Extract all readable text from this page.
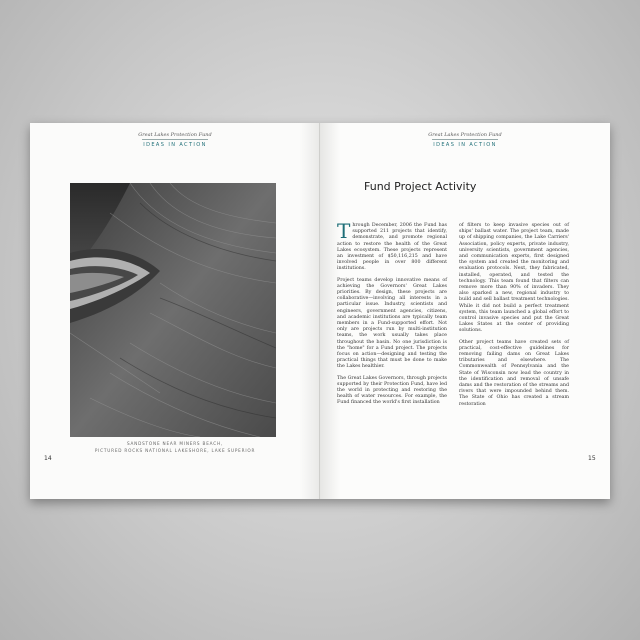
Great Lakes Protection Fund
IDEAS IN ACTION
SANDSTONE NEAR MINERS BEACH,
PICTURED ROCKS NATIONAL LAKESHORE, LAKE SUPERIOR
14
Great Lakes Protection Fund
IDEAS IN ACTION
Fund Project Activity

Through December, 2006 the Fund has supported 211 projects that identify, demonstrate, and promote regional action to restore the health of the Great Lakes ecosystem. These projects represent an investment of $50,116,215 and have involved people in over 800 different institutions.

Project teams develop innovative means of achieving the Governors' Great Lakes priorities. By design, these projects are collaborative—involving all interests in a particular issue. Industry, scientists and engineers, government agencies, citizens, and academic institutions are typically team members in a Fund-supported effort. Not only are projects run by multi-institution teams, the work usually takes place throughout the basin. No one jurisdiction is the "home" for a Fund project. The projects focus on action—designing and testing the practical things that must be done to make the Lakes healthier.

The Great Lakes Governors, through projects supported by their Protection Fund, have led the world in protecting and restoring the health of water resources. For example, the Fund financed the world's first installation

of filters to keep invasive species out of ships' ballast water. The project team, made up of shipping companies, the Lake Carriers' Association, policy experts, private industry, university scientists, government agencies, and communication experts, first designed the system and created the monitoring and evaluation protocols. Next, they fabricated, installed, operated, and tested the technology. This team found that filters can remove more than 90% of invaders. They also sparked a new, regional industry to build and sell ballast treatment technologies. While it did not build a perfect treatment system, this team launched a global effort to control invasive species and put the Great Lakes States at the center of providing solutions.

Other project teams have created sets of practical, cost-effective guidelines for removing failing dams on Great Lakes tributaries and elsewhere. The Commonwealth of Pennsylvania and the State of Wisconsin now lead the country in the identification and removal of unsafe dams and the restoration of the streams and rivers that were impounded behind them. The State of Ohio has created a stream restoration

15
